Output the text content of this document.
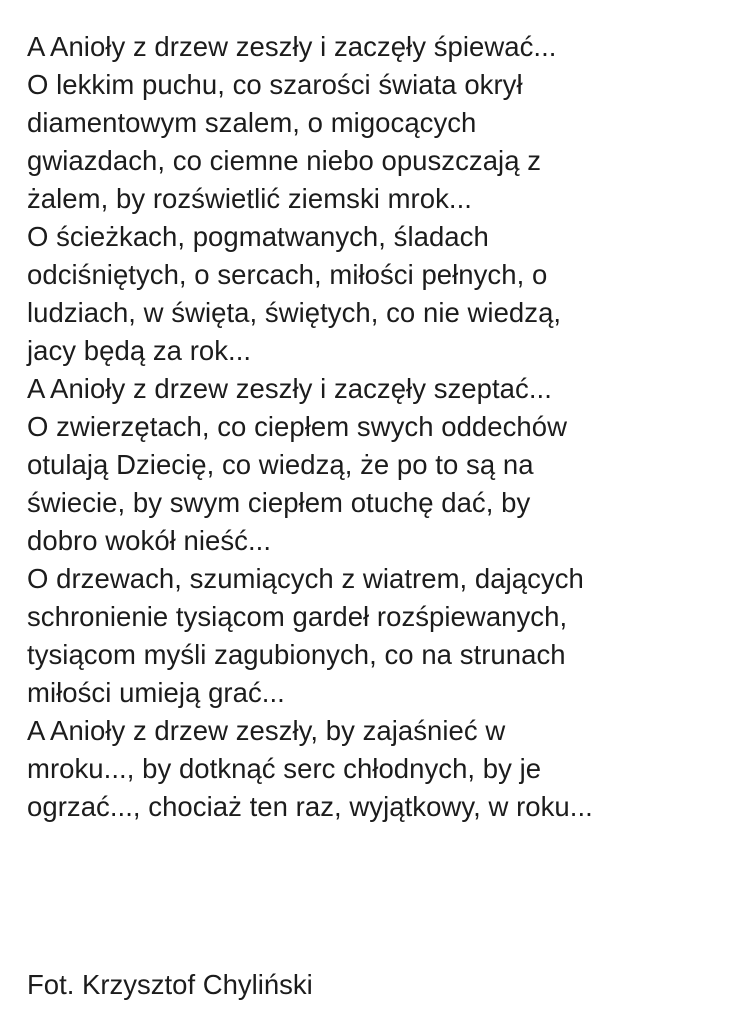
A Anioły z drzew zeszły i zaczęły śpiewać...
O lekkim puchu, co szarości świata okrył
diamentowym szalem, o migocących
gwiazdach, co ciemne niebo opuszczają z
żalem, by rozświetlić ziemski mrok...
O ścieżkach, pogmatwanych, śladach
odciśniętych, o sercach, miłości pełnych, o
ludziach, w święta, świętych, co nie wiedzą,
jacy będą za rok...
A Anioły z drzew zeszły i zaczęły szeptać...
O zwierzętach, co ciepłem swych oddechów
otulają Dziecię, co wiedzą, że po to są na
świecie, by swym ciepłem otuchę dać, by
dobro wokół nieść...
O drzewach, szumiących z wiatrem, dających
schronienie tysiącom gardeł rozśpiewanych,
tysiącom myśli zagubionych, co na strunach
miłości umieją grać...
A Anioły z drzew zeszły, by zajaśnieć w
mroku..., by dotknąć serc chłodnych, by je
ogrzać..., chociaż ten raz, wyjątkowy, w roku...
Fot. Krzysztof Chyliński
